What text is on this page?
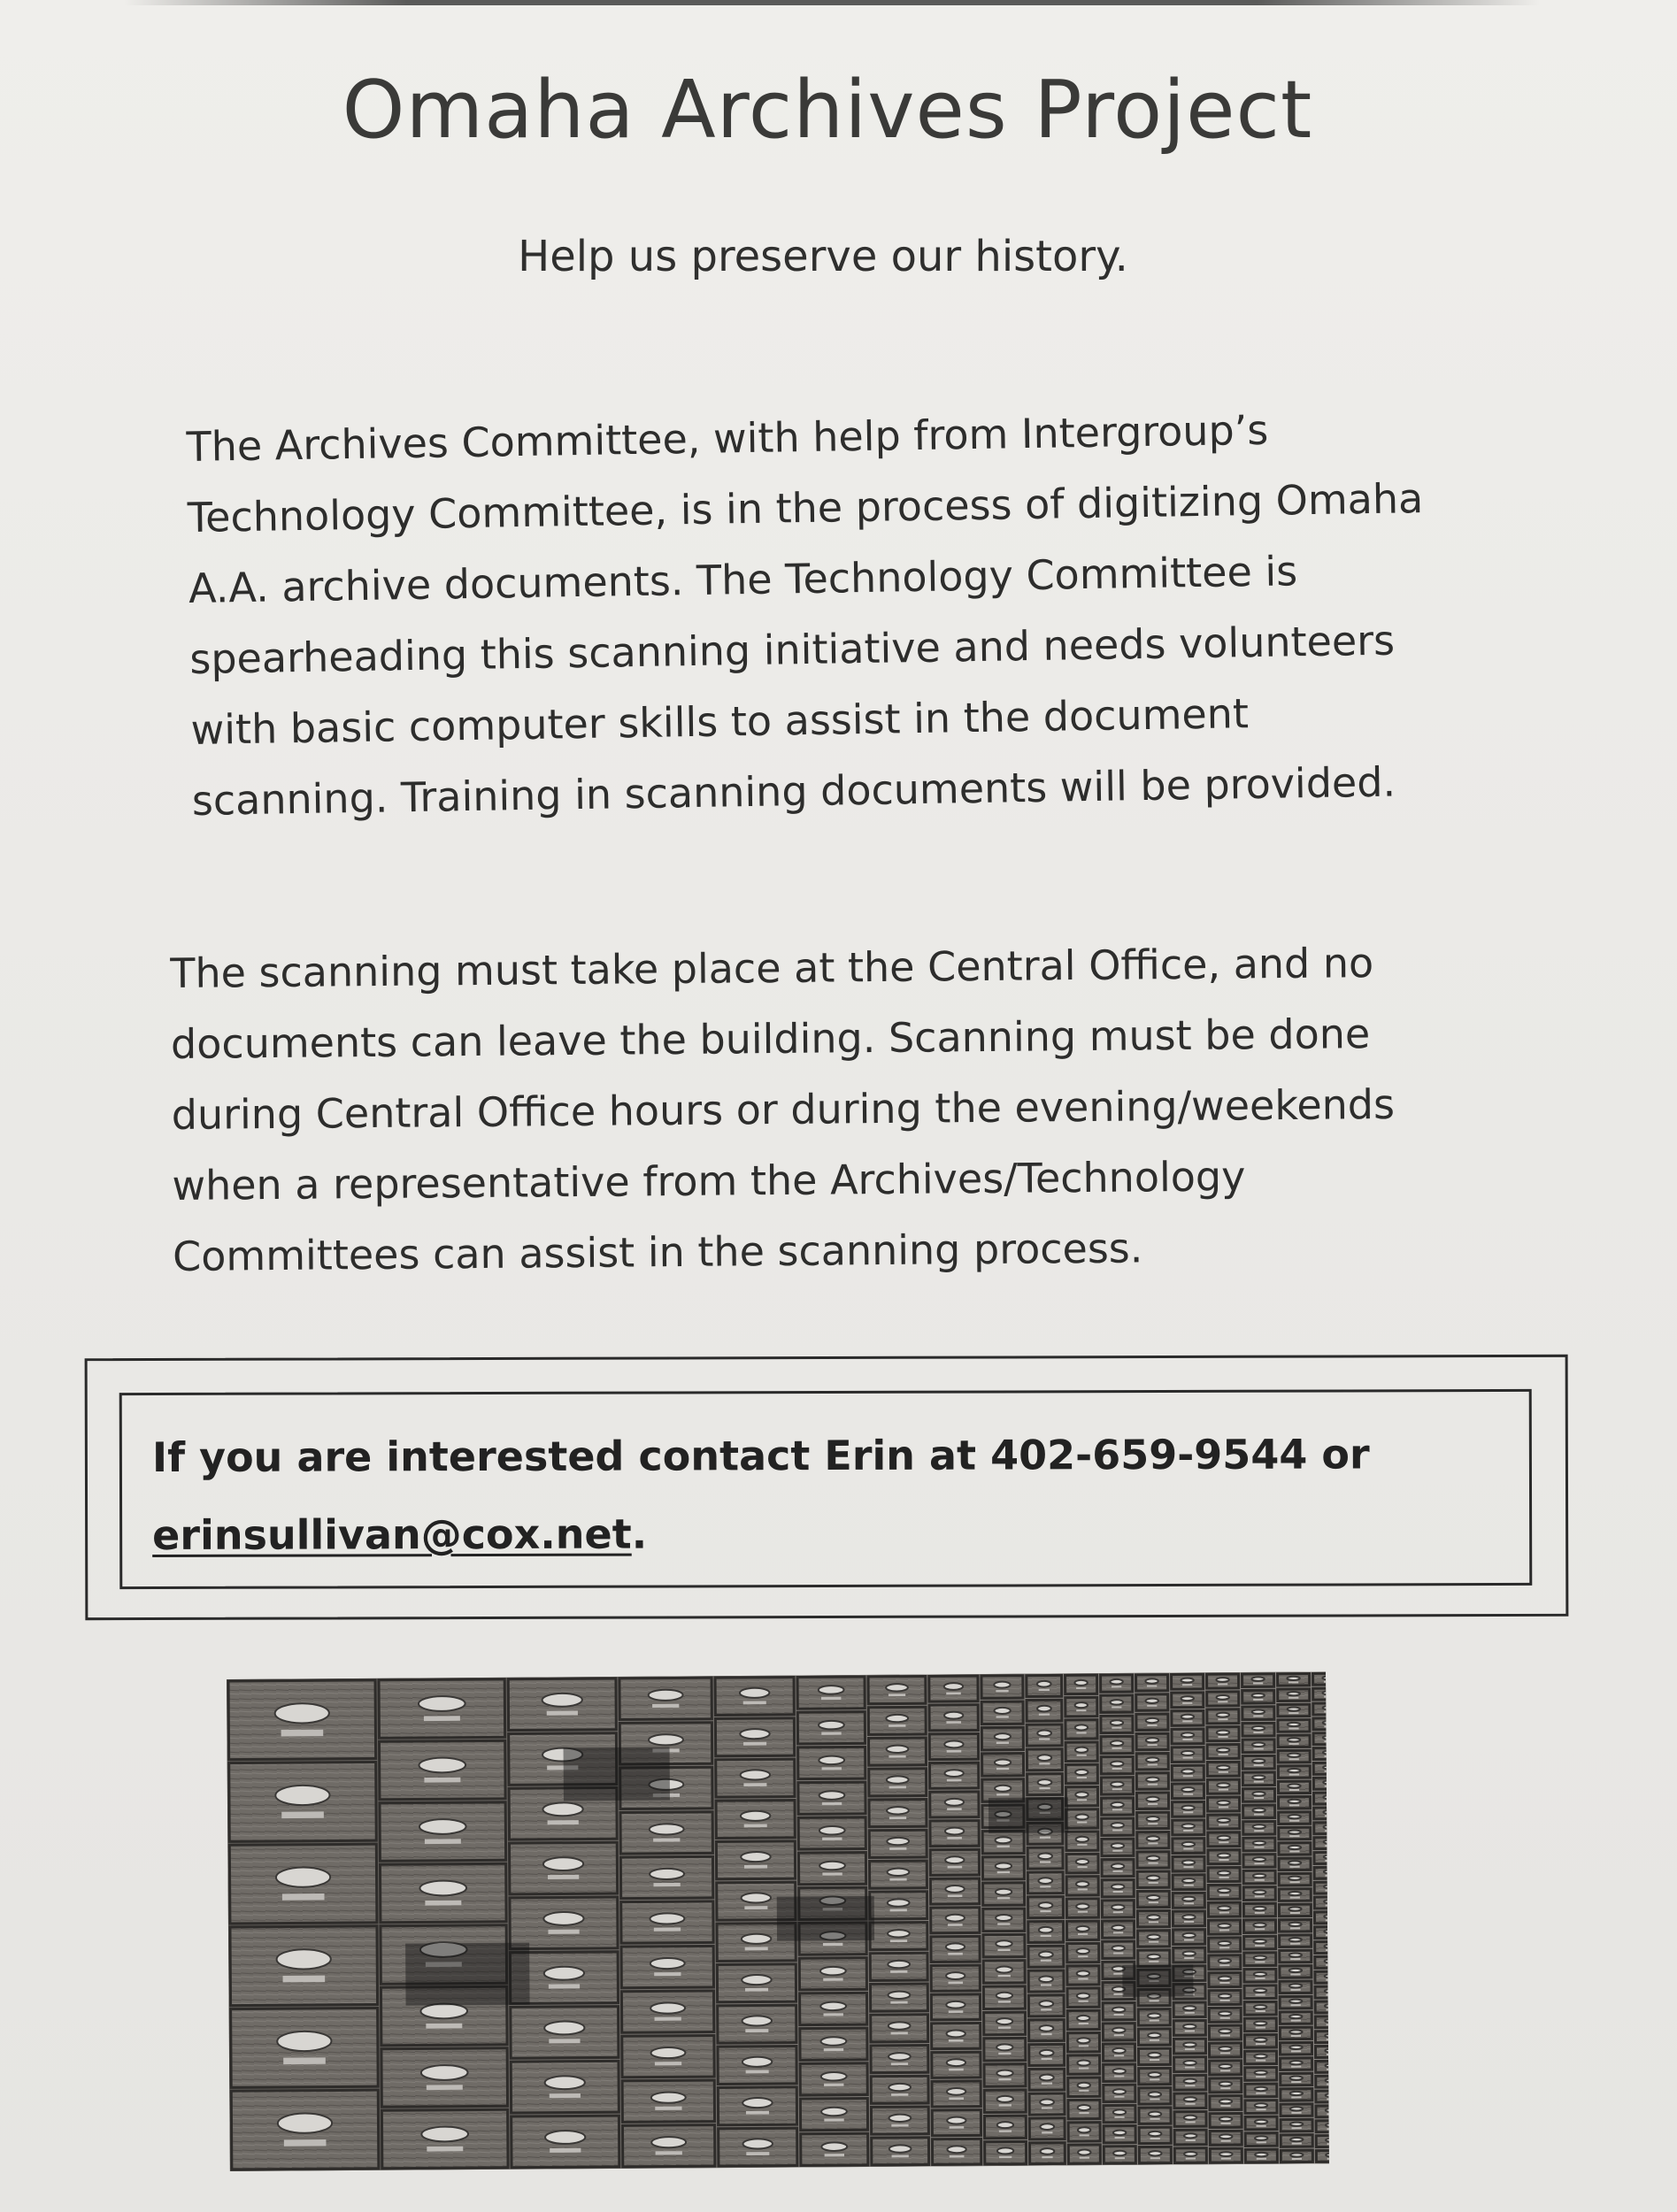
Omaha Archives Project

Help us preserve our history.

The Archives Committee, with help from Intergroup’s
Technology Committee, is in the process of digitizing Omaha
A.A. archive documents. The Technology Committee is
spearheading this scanning initiative and needs volunteers
with basic computer skills to assist in the document
scanning. Training in scanning documents will be provided.

The scanning must take place at the Central Office, and no
documents can leave the building. Scanning must be done
during Central Office hours or during the evening/weekends
when a representative from the Archives/Technology
Committees can assist in the scanning process.

If you are interested contact Erin at 402-659-9544 or
erinsullivan@cox.net.
